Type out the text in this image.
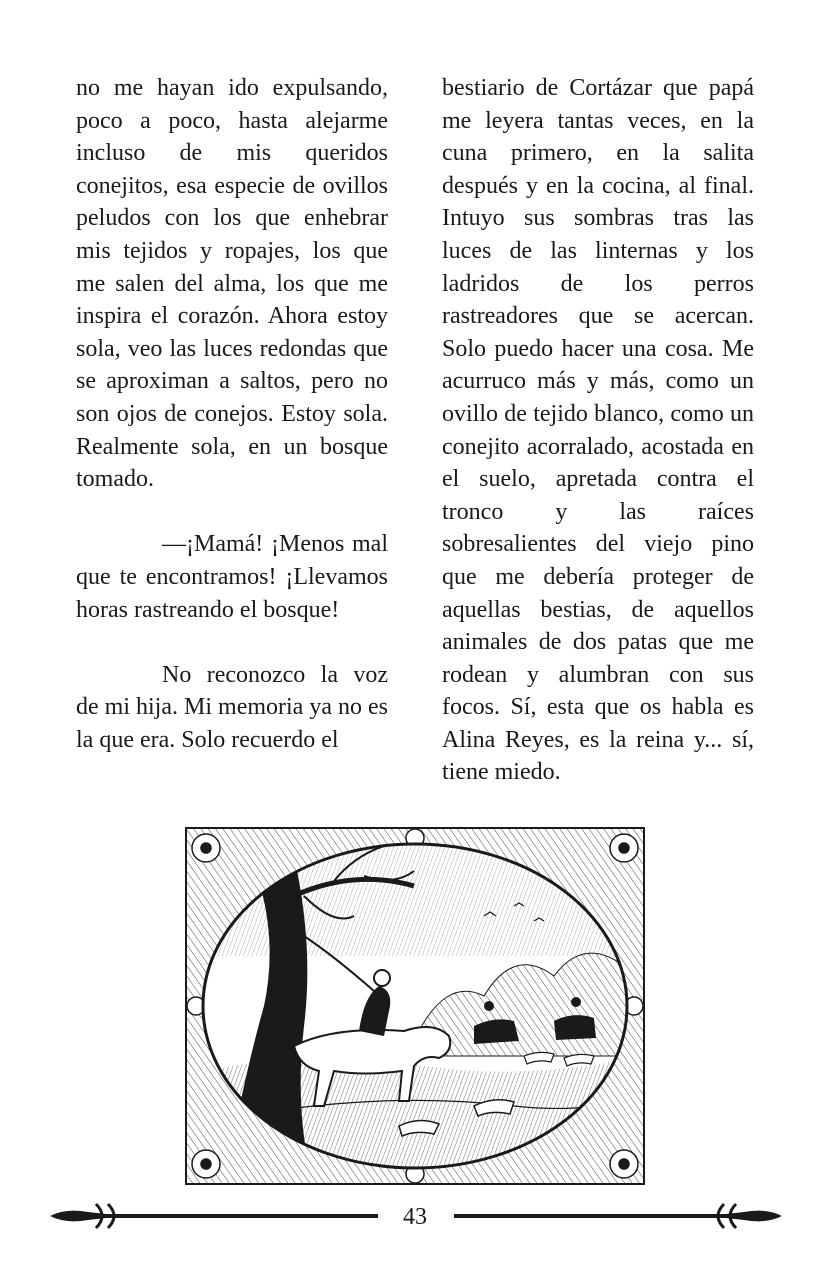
no me hayan ido expulsando, poco a poco, hasta alejarme incluso de mis queridos conejitos, esa especie de ovillos peludos con los que enhebrar mis tejidos y ropajes, los que me salen del alma, los que me inspira el corazón. Ahora estoy sola, veo las luces redondas que se aproximan a saltos, pero no son ojos de conejos. Estoy sola. Realmente sola, en un bosque tomado.

—¡Mamá! ¡Menos mal que te encontramos! ¡Llevamos horas rastreando el bosque!

No reconozco la voz de mi hija. Mi memoria ya no es la que era. Solo recuerdo el

bestiario de Cortázar que papá me leyera tantas veces, en la cuna primero, en la salita después y en la cocina, al final. Intuyo sus sombras tras las luces de las linternas y los ladridos de los perros rastreadores que se acercan. Solo puedo hacer una cosa. Me acurruco más y más, como un ovillo de tejido blanco, como un conejito acorralado, acostada en el suelo, apretada contra el tronco y las raíces sobresalientes del viejo pino que me debería proteger de aquellas bestias, de aquellos animales de dos patas que me rodean y alumbran con sus focos. Sí, esta que os habla es Alina Reyes, es la reina y... sí, tiene miedo.

43
